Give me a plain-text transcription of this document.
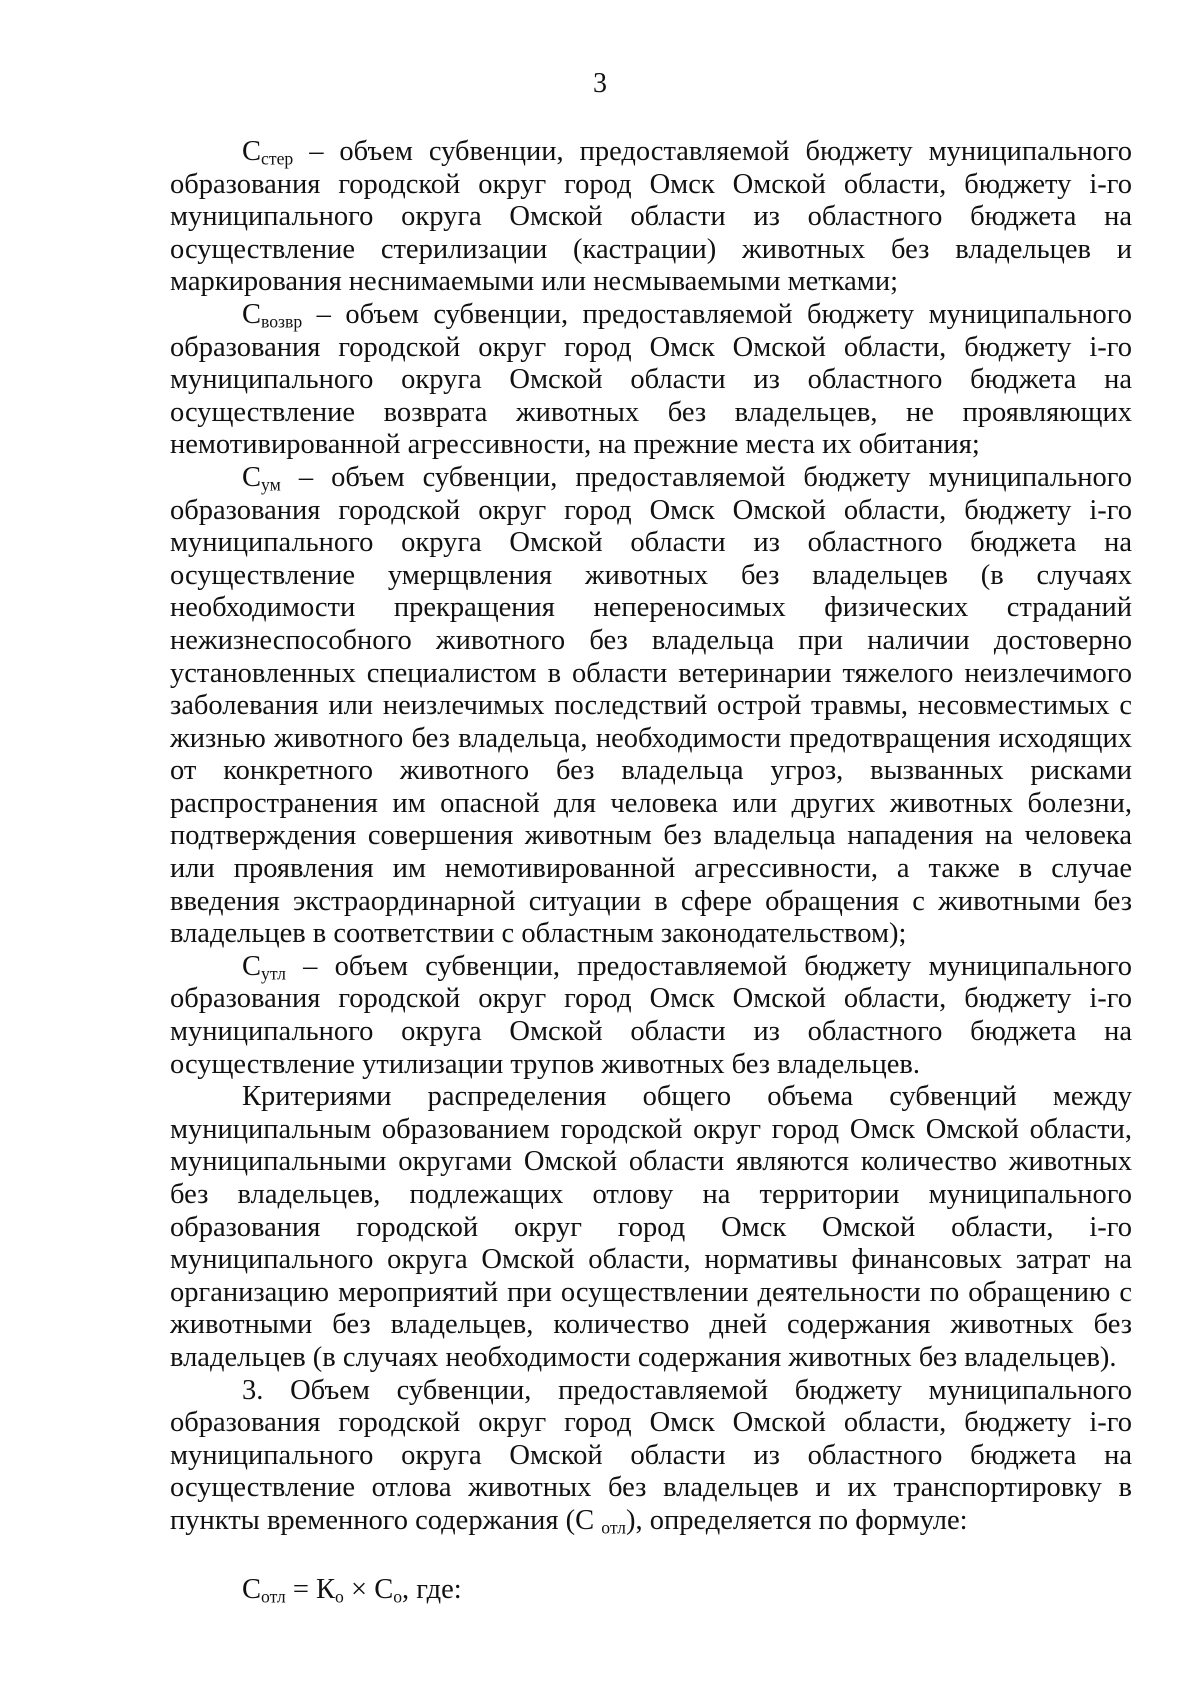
3

$C_{стер}$ – объем субвенции, предоставляемой бюджету муниципального образования городской округ город Омск Омской области, бюджету i-го муниципального округа Омской области из областного бюджета на осуществление стерилизации (кастрации) животных без владельцев и маркирования неснимаемыми или несмываемыми метками;

$C_{возвр}$ – объем субвенции, предоставляемой бюджету муниципального образования городской округ город Омск Омской области, бюджету i-го муниципального округа Омской области из областного бюджета на осуществление возврата животных без владельцев, не проявляющих немотивированной агрессивности, на прежние места их обитания;

$C_{ум}$ – объем субвенции, предоставляемой бюджету муниципального образования городской округ город Омск Омской области, бюджету i-го муниципального округа Омской области из областного бюджета на осуществление умерщвления животных без владельцев (в случаях необходимости прекращения непереносимых физических страданий нежизнеспособного животного без владельца при наличии достоверно установленных специалистом в области ветеринарии тяжелого неизлечимого заболевания или неизлечимых последствий острой травмы, несовместимых с жизнью животного без владельца, необходимости предотвращения исходящих от конкретного животного без владельца угроз, вызванных рисками распространения им опасной для человека или других животных болезни, подтверждения совершения животным без владельца нападения на человека или проявления им немотивированной агрессивности, а также в случае введения экстраординарной ситуации в сфере обращения с животными без владельцев в соответствии с областным законодательством);

$C_{утл}$ – объем субвенции, предоставляемой бюджету муниципального образования городской округ город Омск Омской области, бюджету i-го муниципального округа Омской области из областного бюджета на осуществление утилизации трупов животных без владельцев.

Критериями распределения общего объема субвенций между муниципальным образованием городской округ город Омск Омской области, муниципальными округами Омской области являются количество животных без владельцев, подлежащих отлову на территории муниципального образования городской округ город Омск Омской области, i-го муниципального округа Омской области, нормативы финансовых затрат на организацию мероприятий при осуществлении деятельности по обращению с животными без владельцев, количество дней содержания животных без владельцев (в случаях необходимости содержания животных без владельцев).

3. Объем субвенции, предоставляемой бюджету муниципального образования городской округ город Омск Омской области, бюджету i-го муниципального округа Омской области из областного бюджета на осуществление отлова животных без владельцев и их транспортировку в пункты временного содержания (С $_{отл}$), определяется по формуле:

$C_{отл} = К_о \times С_о$, где:
